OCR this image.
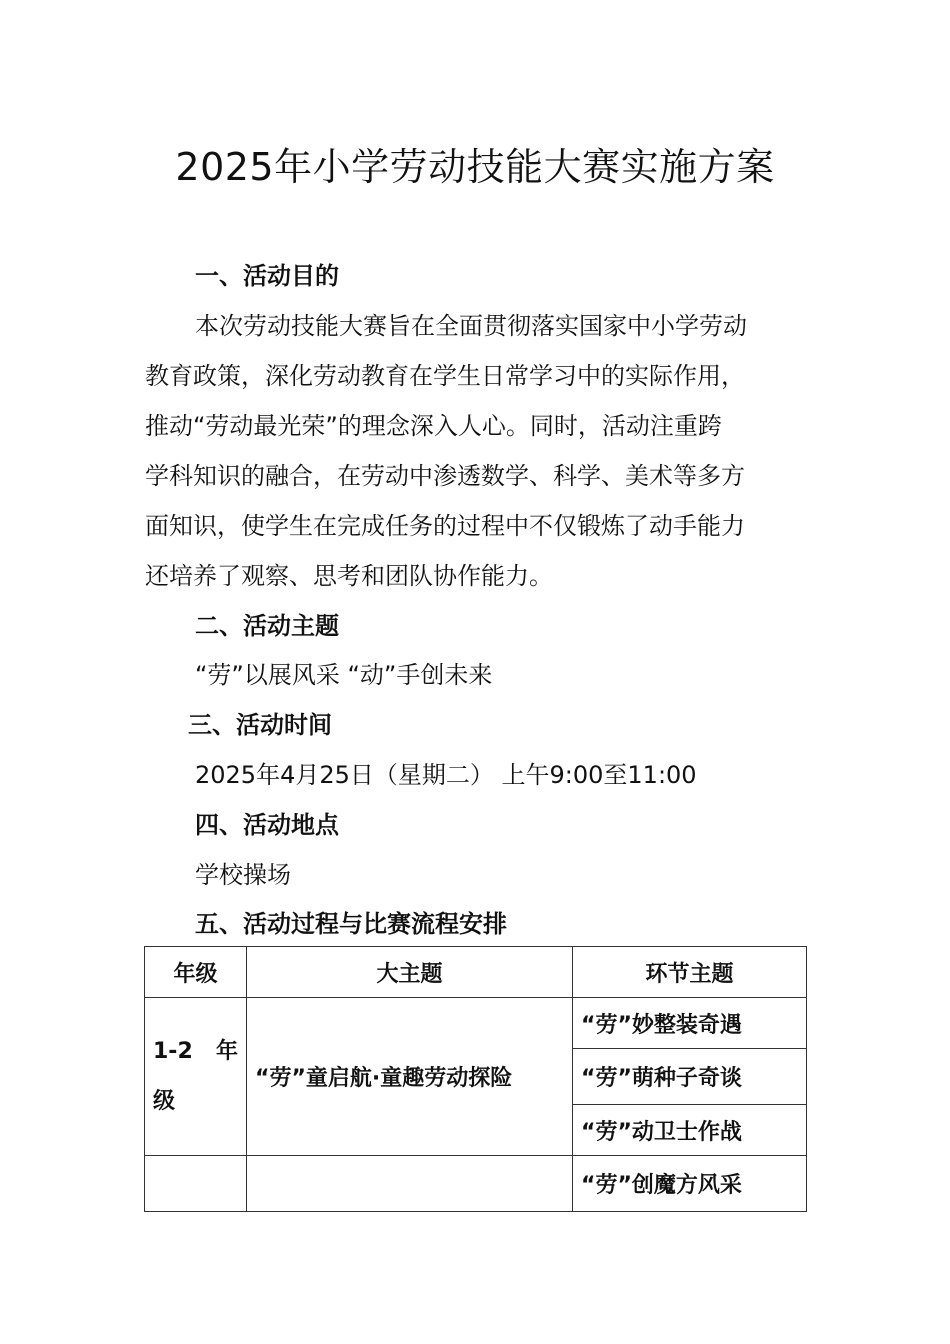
2025年小学劳动技能大赛实施方案
一、活动目的
本次劳动技能大赛旨在全面贯彻落实国家中小学劳动
教育政策，深化劳动教育在学生日常学习中的实际作用，
推动“劳动最光荣”的理念深入人心。同时，活动注重跨
学科知识的融合，在劳动中渗透数学、科学、美术等多方
面知识，使学生在完成任务的过程中不仅锻炼了动手能力
还培养了观察、思考和团队协作能力。
二、活动主题
“劳”以展风采 “动”手创未来
三、活动时间
2025年4月25日（星期二） 上午9:00至11:00
四、活动地点
学校操场
五、活动过程与比赛流程安排
年级	大主题	环节主题
1-2 年级	“劳”童启航·童趣劳动探险	“劳”妙整装奇遇
		“劳”萌种子奇谈
		“劳”动卫士作战
		“劳”创魔方风采
